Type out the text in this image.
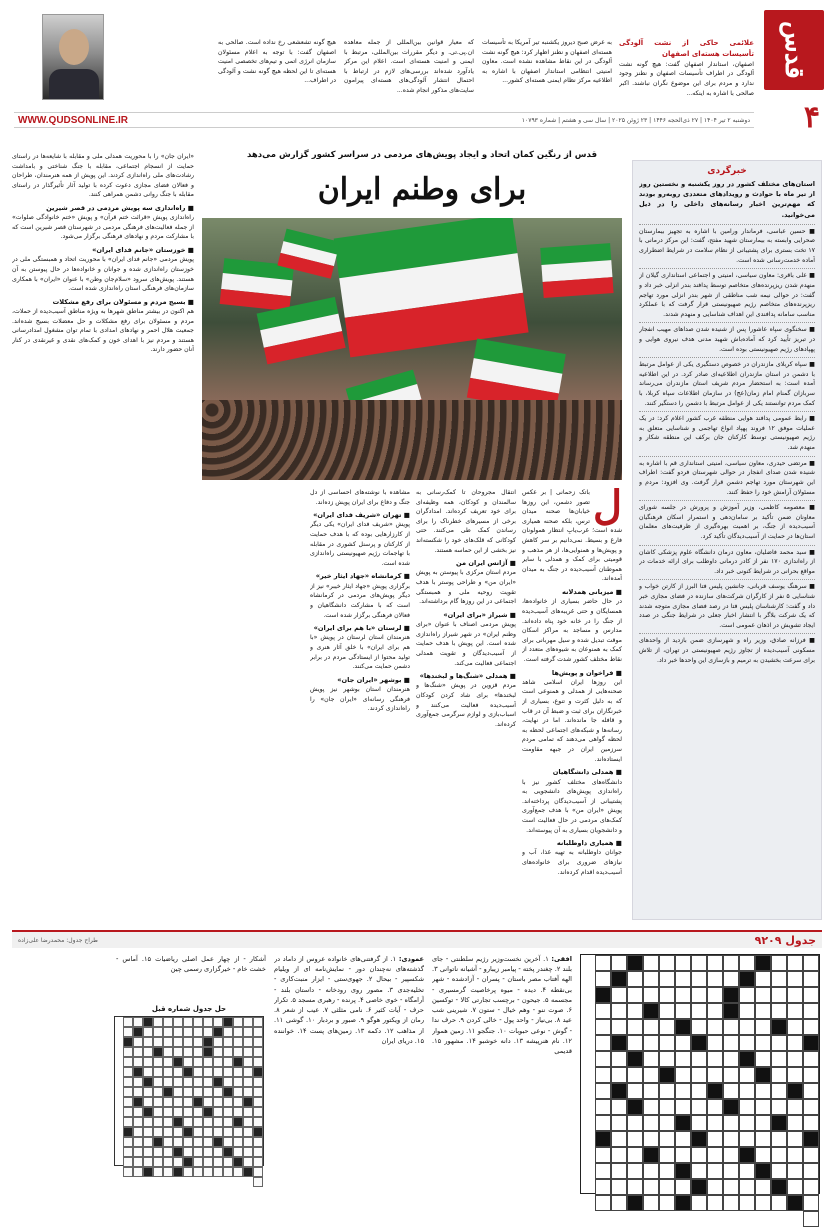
قدس
۴
علائمی حاکی از نشت آلودگی تأسیسات هسته‌ای اصفهان

اصفهان، استاندار اصفهان گفت: هیچ گونه نشت آلودگی در اطراف تأسیسات اصفهان و نطنز وجود ندارد و مردم برای این موضوع نگران نباشند. اکبر صالحی با اشاره به اینکه...

به عرض صبح دیروز یکشنبه تیر آمریکا به تأسیسات هسته‌ای اصفهان و نطنز اظهار کرد: هیچ گونه نشت آلودگی در این نقاط مشاهده نشده است. معاون امنیتی انتظامی استاندار اصفهان با اشاره به اطلاعیه مرکز نظام ایمنی هسته‌ای کشور...

که معیار قوانین بین‌المللی از جمله معاهده ان.پی.تی. و دیگر مقررات بین‌المللی، مرتبط با ایمنی و امنیت هسته‌ای است. اعلام این مرکز یادآورد شده‌اند بررسی‌های لازم در ارتباط با احتمال انتشار آلودگی‌های هسته‌ای پیرامون سایت‌های مذکور انجام شده...

هیچ گونه تشعشعی رخ نداده است. صالحی به اصفهان گفت: با توجه به اعلام مسئولان سازمان انرژی اتمی و تیم‌های تخصصی امنیت هسته‌ای تا این لحظه هیچ گونه نشت و آلودگی در اطراف...

دوشنبه ۲ تیر ۱۴۰۴ | ۲۷ ذی‌الحجه ۱۴۴۶ | ۲۳ ژوئن ۲۰۲۵ | سال سی و هشتم | شماره ۱۰۷۹۳
WWW.QUDSONLINE.IR
خبرگردی
استان‌های مختلف کشور در روز یکشنبه و نخستین روز از تیر ماه با حوادث و رویدادهای متعددی روبه‌رو بودند که مهم‌ترین اخبار رسانه‌های داخلی را در ذیل می‌خوانید.
■ حسین عباسی، فرماندار ورامین با اشاره به تجهیز بیمارستان صحرایی وابسته به بیمارستان شهید مفتح، گفت: این مرکز درمانی با ۱۷ تخت بستری برای پشتیبانی از نظام سلامت در شرایط اضطراری آماده خدمت‌رسانی شده است.
■ علی باقری: معاون سیاسی، امنیتی و اجتماعی استانداری گیلان از منهدم شدن ریزپرنده‌های متخاصم توسط پدافند بندر انزلی خبر داد و گفت: در حوالی نیمه شب مناطقی از شهر بندر انزلی مورد تهاجم ریزپرنده‌های متخاصم رژیم صهیونیستی قرار گرفت که با عملکرد مناسب سامانه پدافندی این اهداف شناسایی و منهدم شدند.
■ سخنگوی سپاه عاشورا پس از شنیده شدن صداهای مهیب انفجار در تبریز تأیید کرد که آماده‌باش شهید مدنی هدف نیروی هوایی و پهپادهای رژیم صهیونیستی بوده است.
■ سپاه کربلای مازندران در خصوص دستگیری یکی از عوامل مرتبط با دشمن در استان مازندران اطلاعیه‌ای صادر کرد. در این اطلاعیه آمده است: به استحضار مردم شریف استان مازندران می‌رساند سربازان گمنام امام زمان(عج) در سازمان اطلاعات سپاه کربلا، با کمک مردم توانستند یکی از عوامل مرتبط با دشمن را دستگیر کنند.
■ رابط عمومی پدافند هوایی منطقه غرب کشور اعلام کرد: در یک عملیات موفق ۱۲ فروند پهپاد انواع تهاجمی و شناسایی متعلق به رژیم صهیونیستی توسط کارکنان جان برکف این منطقه شکار و منهدم شد.
■ مرتضی حیدری، معاون سیاسی، امنیتی استانداری قم با اشاره به شنیده شدن صدای انفجار در حوالی شهرستان فردو گفت: اطراف این شهرستان مورد تهاجم دشمن قرار گرفت. وی افزود: مردم و مسئولان آرامش خود را حفظ کنند.
■ معصومه کاظمی، وزیر آموزش و پرورش در جلسه شورای معاونان ضمن تأکید بر سامان‌دهی و استمرار اسکان فرهنگیان آسیب‌دیده از جنگ، بر اهمیت بهره‌گیری از ظرفیت‌های معلمان استان‌ها در حمایت از آسیب‌دیدگان تأکید کرد.
■ سید محمد فاضلیان، معاون درمان دانشگاه علوم پزشکی کاشان از راه‌اندازی ۱۷۰ نفر از کادر درمانی داوطلب برای ارائه خدمات در مواقع بحرانی در شرایط کنونی خبر داد.
■ سرهنگ یوسف قربانی، جانشین پلیس فتا البرز از کارتن خواب و شناسایی ۵ نفر از کارگران شرکت‌های سازنده در فضای مجازی خبر داد و گفت: کارشناسان پلیس فتا در رصد فضای مجازی متوجه شدند که یک شرکت بلاگر با انتشار اخبار جعلی در شرایط جنگی در صدد ایجاد تشویش در اذهان عمومی است.
■ فرزانه صادق، وزیر راه و شهرسازی ضمن بازدید از واحدهای مسکونی آسیب‌دیده از تجاوز رژیم صهیونیستی در تهران، از تلاش برای سرعت بخشیدن به ترمیم و بازسازی این واحدها خبر داد.
قدس از رنگین کمان اتحاد و ایجاد پویش‌های مردمی در سراسر کشور گزارش می‌دهد
برای وطنم ایران
ل

باتک زحمانی | بر عکس تصور دشمن، این روزها خیابان‌ها صحنه میدان ترس، بلکه صحنه همیاری شده است؛ غرب‌یابِ انتظار همولونان فارغ و بسیط. نمی‌دانیم بر سر کاهش و پویش‌ها و همنوایی‌ها، از هر مذهب و قومیتی برای کمک و همدلی با سایر هموطنان آسیب‌دیده در جنگ به میدان آمده‌اند.

■ میزبانی همدلانه

در حال حاضر بسیاری از خانواده‌ها، همسایگان و حتی غریبه‌های آسیب‌دیده از جنگ را در خانه خود پناه داده‌اند. مدارس و مساجد به مراکز اسکان موقت تبدیل شده و سیل مهربانی برای کمک به همنوعان به شیوه‌های متعدد از نقاط مختلف کشور شدت گرفته است.

■ فراخوان و پویش‌ها

این روزها ایران اسلامی شاهد صحنه‌هایی از همدلی و همنوعی است که به دلیل کثرت و تنوع، بسیاری از خبرنگاران برای ثبت و ضبط آن در قاب و قافله جا مانده‌اند. اما در نهایت، رسانه‌ها و شبکه‌های اجتماعی لحظه به لحظه گواهی می‌دهند که تمامی مردم سرزمین ایران در جبهه مقاومت ایستاده‌اند.

■ همدلی دانشگاهیان

دانشگاه‌های مختلف کشور نیز با راه‌اندازی پویش‌های دانشجویی به پشتیبانی از آسیب‌دیدگان پرداخته‌اند. پویش «ایران من» با هدف جمع‌آوری کمک‌های مردمی در حال فعالیت است و دانشجویان بسیاری به آن پیوسته‌اند.

■ همیاری داوطلبانه

جوانان داوطلبانه به تهیه غذا، آب و نیازهای ضروری برای خانواده‌های آسیب‌دیده اقدام کرده‌اند.

انتقال مجروحان تا کمک‌رسانی به سالمندان و کودکان، همه وظیفه‌ای برای خود تعریف کرده‌اند. امدادگران برخی از مسیرهای خطرناک را برای رساندن کمک طی می‌کنند. حتی کودکانی که قلک‌های خود را شکسته‌اند نیز بخشی از این حماسه هستند.

■ آژانس ایران من

مردم استان مرکزی با پیوستن به پویش «ایران من» و طراحی پوستر با هدف تقویت روحیه ملی و همبستگی اجتماعی در این روزها گام برداشته‌اند.

■ شیراز «برای ایران»

پویش مردمی اصناف با عنوان «برای وطنم ایران» در شهر شیراز راه‌اندازی شده است. این پویش با هدف حمایت از آسیب‌دیدگان و تقویت همدلی اجتماعی فعالیت می‌کند.

■ همدلی «شنگ‌ها و لبخندها»

مردم قزوین در پویش «شنگ‌ها و لبخندها» برای شاد کردن کودکان آسیب‌دیده فعالیت می‌کنند و اسباب‌بازی و لوازم سرگرمی جمع‌آوری کرده‌اند.

مشاهده با نوشته‌های احساسی از دل جنگ و دفاع برای ایران پویش زده‌اند.

■ تهران «شریف فدای ایران»

پویش «شریف فدای ایران» یکی دیگر از کارزارهایی بوده که با هدف حمایت از کارکنان و پرسنل کشوری در مقابله با تهاجمات رژیم صهیونیستی راه‌اندازی شده است.

■ کرمانشاه «جهاد ایثار خیر»

برگزاری پویش «جهاد ایثار خیبر» نیز از دیگر پویش‌های مردمی در کرمانشاه است که با مشارکت دانشگاهیان و فعالان فرهنگی برگزار شده است.

■ لرستان «با هم برای ایران»

هنرمندان استان لرستان در پویش «با هم برای ایران» با خلق آثار هنری و تولید محتوا از ایستادگی مردم در برابر دشمن حمایت می‌کنند.

■ بوشهر «ایران جان»

هنرمندان استان بوشهر نیز پویش فرهنگی رسانه‌ای «ایران جان» را راه‌اندازی کردند.

«ایران جان» را با محوریت همدلی ملی و مقابله با شایعه‌ها در راستای حمایت از انسجام اجتماعی، مقابله با جنگ شناختی و بامداشت رشادت‌های ملی راه‌اندازی کردند. این پویش از همه هنرمندان، طراحان و فعالان فضای مجازی دعوت کرده با تولید آثار تأثیرگذار در راستای مقابله با جنگ روانی دشمن همراهی کنند.

■ راه‌اندازی سه پویش مردمی در قصر شیرین

راه‌اندازی پویش «قرائت ختم قرآن» و پویش «ختم خانوادگی صلوات» از جمله فعالیت‌های فرهنگی مردمی در شهرستان قصر شیرین است که با مشارکت مردم و نهادهای فرهنگی برگزار می‌شود.

■ خوزستان «جانم فدای ایران»

پویش مردمی «جانم فدای ایران» با محوریت اتحاد و همبستگی ملی در خوزستان راه‌اندازی شده و جوانان و خانواده‌ها در حال پیوستن به آن هستند. پویش‌های سرود «سلام‌جان وطن» با عنوان «ایران» با همکاری سازمان‌های فرهنگی استان راه‌اندازی شده است.

■ بسیج مردم و مسئولان برای رفع مشکلات

هم اکنون در بیشتر مناطق شهرها به ویژه مناطق آسیب‌دیده از حملات، مردم و مسئولان برای رفع مشکلات و حل معضلات بسیج شده‌اند. جمعیت هلال احمر و نهادهای امدادی با تمام توان مشغول امدادرسانی هستند و مردم نیز با اهدای خون و کمک‌های نقدی و غیرنقدی در کنار آنان حضور دارند.

جدول ۹۲۰۹
طراح جدول: محمدرضا علی‌زاده
افقی: ۱. آخرین نخست‌وزیر رژیم سلطنتی - جای بلند ۲. چغندر پخته - پیامبر زیبارو - آشیانه ناتوانی ۳. الهه آفتاب مصر باستان - پسران - آزادشده - شهر بی‌نقطه ۴. دیده - میوه پرخاصیت گرمسیری - مجسمه ۵. جیحون - برچسب تجارتی کالا - توکسین ۶. صوت ننو - وهم خیال - ستون ۷. شیرینی شب عید ۸. بی‌نیاز - واحد پول - خالی کردن ۹. حرف ندا - گوش - نوعی حبوبات ۱۰. جنگجو ۱۱. زمین هموار ۱۲. نام هنرپیشه ۱۳. دانه خوشبو ۱۴. مشهور ۱۵. قدیمی
عمودی: ۱. از گرفتنی‌های خانواده عروس از داماد در گذشته‌های نه‌چندان دور - نمایش‌نامه ای از ویلیام شکسپیر - بیحال ۲. جهوی‌ستی - ایزار منبت‌کاری - تخلیه‌جدی ۳. مصور روی رودخانه - داستان بلند - آرامگاه - خوی خاصی ۴. پرنده - رهبری مسجد ۵. تکرار حرف - آیات کثیر ۶. نامی مثلثی ۷. عیب از شعر ۸. رمان از ویکتور هوگو ۹. صبور و بردبار ۱۰. گوشی ۱۱. از مذاهب ۱۲. دکمه ۱۳. زمین‌های پست ۱۴. خواننده ۱۵. دریای ایران
آشکار - از چهار عمل اصلی ریاضیات ۱۵. آماس - خشت خام - خیرگزاری رسمی چین
حل جدول شماره قبل
